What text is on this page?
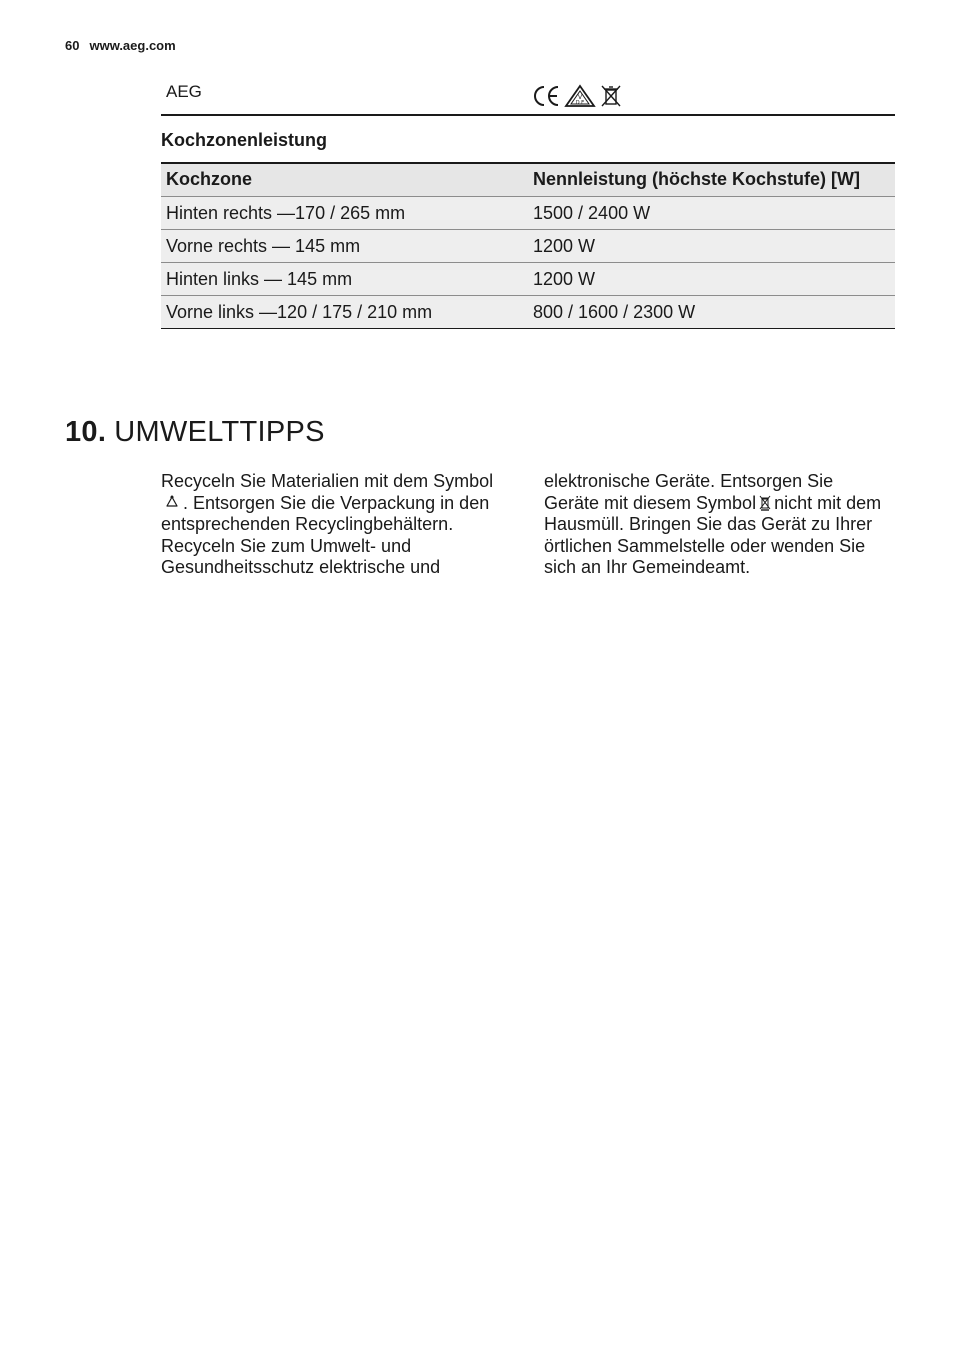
60 www.aeg.com
AEG	V
D E
Kochzonenleistung
Kochzone	Nennleistung (höchste Kochstufe) [W]
Hinten rechts —170 / 265 mm	1500 / 2400 W
Vorne rechts — 145 mm	1200 W
Hinten links — 145 mm	1200 W
Vorne links —120 / 175 / 210 mm	800 / 1600 / 2300 W
10. UMWELTTIPPS

Recyceln Sie Materialien mit dem Symbol. Entsorgen Sie die Verpackung in den entsprechenden Recyclingbehältern.
Recyceln Sie zum Umwelt- und Gesundheitsschutz elektrische und

elektronische Geräte. Entsorgen Sie Geräte mit diesem Symbol nicht mit dem Hausmüll. Bringen Sie das Gerät zu Ihrer örtlichen Sammelstelle oder wenden Sie sich an Ihr Gemeindeamt.
